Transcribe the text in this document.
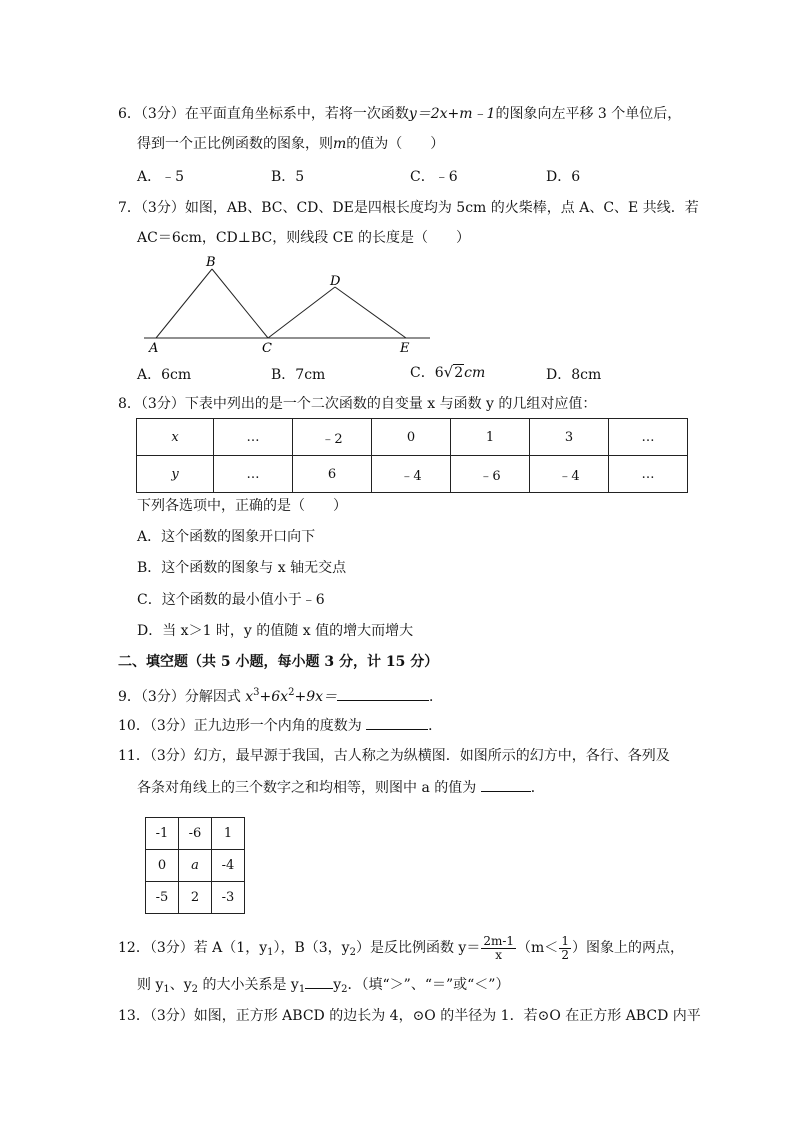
6．（3分）在平面直角坐标系中，若将一次函数y＝2x+m﹣1的图象向左平移 3 个单位后，
得到一个正比例函数的图象，则m的值为（　　）
A．﹣5	B．5	C．﹣6	D．6
7．（3分）如图，AB、BC、CD、DE是四根长度均为 5cm 的火柴棒，点 A、C、E 共线．若
AC＝6cm，CD⊥BC，则线段 CE 的长度是（　　）
A
B
C
D
E
A．6cm	B．7cm	C．6√2cm	D．8cm
8．（3分）下表中列出的是一个二次函数的自变量 x 与函数 y 的几组对应值：
x	…	﹣2	0	1	3	…
y	…	6	﹣4	﹣6	﹣4	…
下列各选项中，正确的是（　　）
A．这个函数的图象开口向下
B．这个函数的图象与 x 轴无交点
C．这个函数的最小值小于﹣6
D．当 x＞1 时，y 的值随 x 值的增大而增大
二、填空题（共 5 小题，每小题 3 分，计 15 分）
9．（3分）分解因式 $x^3+6x^2+9x=$	．
10．（3分）正九边形一个内角的度数为	．
11．（3分）幻方，最早源于我国，古人称之为纵横图．如图所示的幻方中，各行、各列及
各条对角线上的三个数字之和均相等，则图中 a 的值为	．
-1	-6	1
0	a	-4
-5	2	-3
12．（3分）若 A（1，$y_1$），B（3，$y_2$）是反比例函数 $y= \frac{2m-1}{x} (m< \frac{1}{2}$ ）图象上的两点，
则 $y_1$、$y_2$ 的大小关系是 $y_1$ $y_2$．（填“＞”、“＝”或“＜”）
13．（3分）如图，正方形 ABCD 的边长为 4，⊙O 的半径为 1．若⊙O 在正方形 ABCD 内平
